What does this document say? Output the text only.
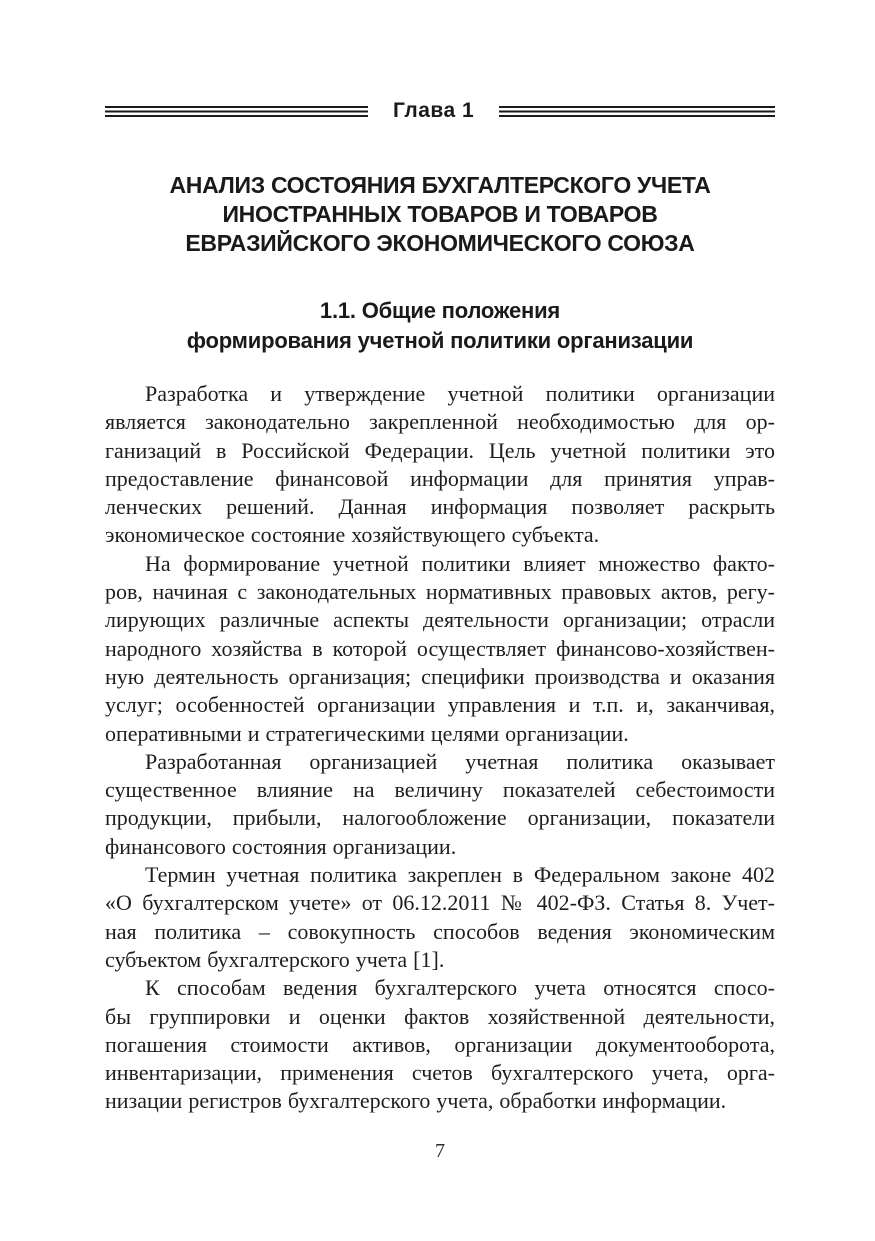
Глава 1
АНАЛИЗ СОСТОЯНИЯ БУХГАЛТЕРСКОГО УЧЕТА
ИНОСТРАННЫХ ТОВАРОВ И ТОВАРОВ
ЕВРАЗИЙСКОГО ЭКОНОМИЧЕСКОГО СОЮЗА
1.1. Общие положения
формирования учетной политики организации
Разработка и утверждение учетной политики организации
является законодательно закрепленной необходимостью для ор-
ганизаций в Российской Федерации. Цель учетной политики это
предоставление финансовой информации для принятия управ-
ленческих решений. Данная информация позволяет раскрыть
экономическое состояние хозяйствующего субъекта.
На формирование учетной политики влияет множество факто-
ров, начиная с законодательных нормативных правовых актов, регу-
лирующих различные аспекты деятельности организации; отрасли
народного хозяйства в которой осуществляет финансово-хозяйствен-
ную деятельность организация; специфики производства и оказания
услуг; особенностей организации управления и т.п. и, заканчивая,
оперативными и стратегическими целями организации.
Разработанная организацией учетная политика оказывает
существенное влияние на величину показателей себестоимости
продукции, прибыли, налогообложение организации, показатели
финансового состояния организации.
Термин учетная политика закреплен в Федеральном законе 402
«О бухгалтерском учете» от 06.12.2011 № 402-ФЗ. Статья 8. Учет-
ная политика – совокупность способов ведения экономическим
субъектом бухгалтерского учета [1].
К способам ведения бухгалтерского учета относятся спосо-
бы группировки и оценки фактов хозяйственной деятельности,
погашения стоимости активов, организации документооборота,
инвентаризации, применения счетов бухгалтерского учета, орга-
низации регистров бухгалтерского учета, обработки информации.
7
